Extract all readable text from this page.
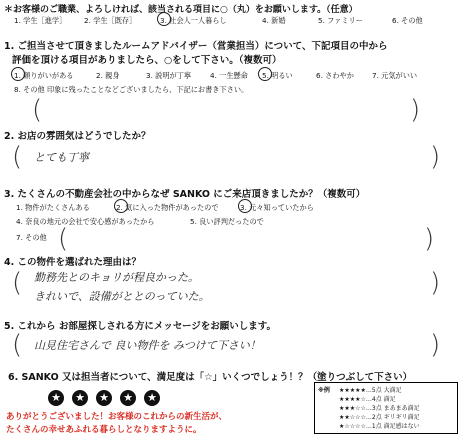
＊お客様のご職業、よろしければ、該当される項目に○（丸）をお願いします。（任意）
1. 学生［進学］ 2. 学生［既存］	3. 社会人一人暮らし	4. 新婚	5. ファミリー	6. その他
1. ご担当させて頂きましたルームアドバイザー（営業担当）について、下記項目の中から
評価を頂ける項目がありましたら、○をして下さい。（複数可）
1. 頼りがいがある	2. 親身	3. 説明が丁寧	4. 一生懸命 5. 明るい	6. さわやか	7. 元気がいい
8. その他 印象に残ったことなどございましたら、下記にお書き下さい。
(	)
2. お店の雰囲気はどうでしたか？
( とても丁寧	)
3. たくさんの不動産会社の中からなぜ SANKO にご来店頂きましたか？（複数可）
1. 物件がたくさんある	2. 気に入った物件があったので	3. 元々知っていたから
4. 奈良の地元の会社で安心感があったから	5. 良い評判だったので
7. その他 (	)
4. この物件を選ばれた理由は？
( 勤務先とのキョリが程良かった。
きれいで、設備がととのっていた。	)
5. これから お部屋探しされる方にメッセージをお願いします。
( 山見住宅さんで 良い物件を みつけて下さい！	)
6. SANKO 又は担当者について、満足度は「☆」いくつでしょう！？（塗りつぶして下さい）
★ ★ ★ ★ ★
※例 ★★★★★…5点 大満足
★★★★☆…4点 満足
★★★☆☆…3点 まあまあ満足
★★☆☆☆…2点 ギリギリ満足
★☆☆☆☆…1点 満足感はない
ありがとうございました！お客様のこれからの新生活が、
たくさんの幸せあふれる暮らしとなりますように。
